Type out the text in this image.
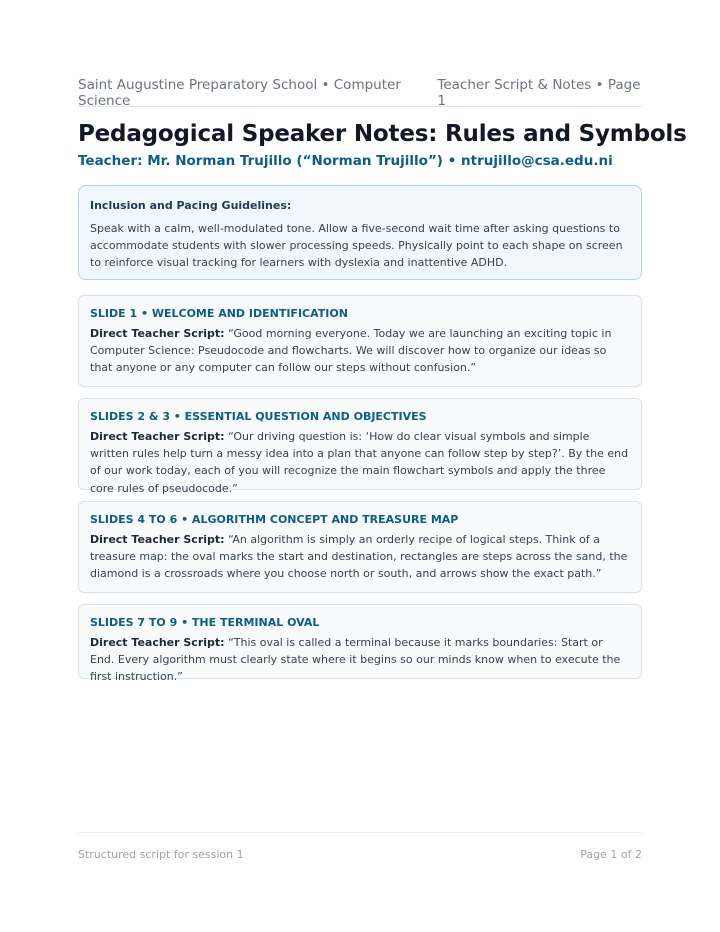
Saint Augustine Preparatory School • Computer Science
Teacher Script & Notes • Page 1
Pedagogical Speaker Notes: Rules and Symbols
Teacher: Mr. Norman Trujillo (“Norman Trujillo”) • ntrujillo@csa.edu.ni

Inclusion and Pacing Guidelines:

Speak with a calm, well-modulated tone. Allow a five-second wait time after asking questions to accommodate students with slower processing speeds. Physically point to each shape on screen to reinforce visual tracking for learners with dyslexia and inattentive ADHD.

SLIDE 1 • WELCOME AND IDENTIFICATION

Direct Teacher Script: “Good morning everyone. Today we are launching an exciting topic in Computer Science: Pseudocode and flowcharts. We will discover how to organize our ideas so that anyone or any computer can follow our steps without confusion.”

SLIDES 2 & 3 • ESSENTIAL QUESTION AND OBJECTIVES

Direct Teacher Script: “Our driving question is: ‘How do clear visual symbols and simple written rules help turn a messy idea into a plan that anyone can follow step by step?’. By the end of our work today, each of you will recognize the main flowchart symbols and apply the three core rules of pseudocode.”

SLIDES 4 TO 6 • ALGORITHM CONCEPT AND TREASURE MAP

Direct Teacher Script: “An algorithm is simply an orderly recipe of logical steps. Think of a treasure map: the oval marks the start and destination, rectangles are steps across the sand, the diamond is a crossroads where you choose north or south, and arrows show the exact path.”

SLIDES 7 TO 9 • THE TERMINAL OVAL

Direct Teacher Script: “This oval is called a terminal because it marks boundaries: Start or End. Every algorithm must clearly state where it begins so our minds know when to execute the first instruction.”

Structured script for session 1	Page 1 of 2
